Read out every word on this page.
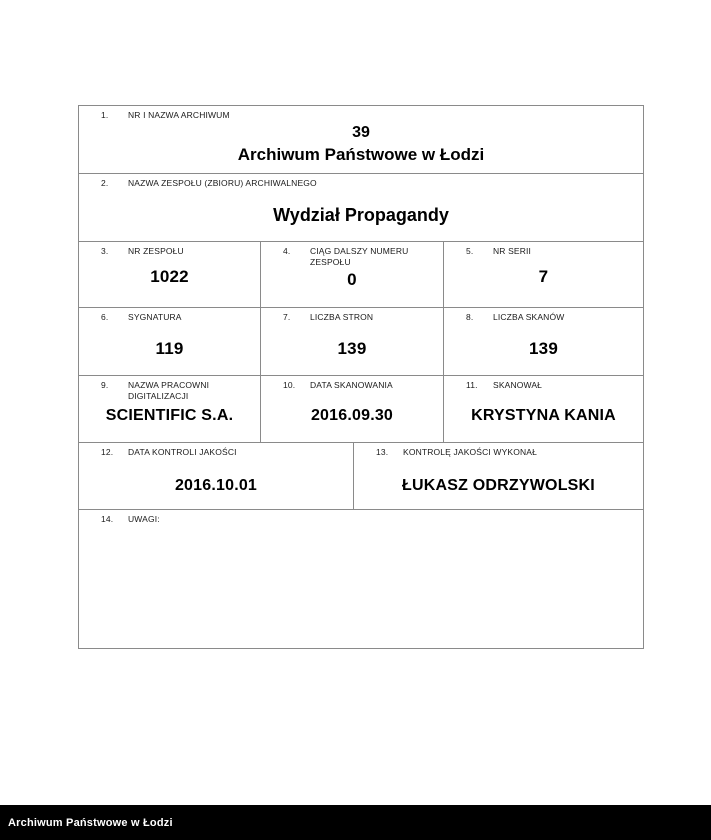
1.	NR I NAZWA ARCHIWUM
39
Archiwum Państwowe w Łodzi
2.	NAZWA ZESPOŁU (ZBIORU) ARCHIWALNEGO
Wydział Propagandy
3.	NR ZESPOŁU
1022
4.	CIĄG DALSZY NUMERU ZESPOŁU
0
5.	NR SERII
7
6.	SYGNATURA
119
7.	LICZBA STRON
139
8.	LICZBA SKANÓW
139
9.	NAZWA PRACOWNI DIGITALIZACJI
SCIENTIFIC S.A.
10.	DATA SKANOWANIA
2016.09.30
11.	SKANOWAŁ
KRYSTYNA KANIA
12.	DATA KONTROLI JAKOŚCI
2016.10.01
13.	KONTROLĘ JAKOŚCI WYKONAŁ
ŁUKASZ ODRZYWOLSKI
14.	UWAGI:
Archiwum Państwowe w Łodzi
